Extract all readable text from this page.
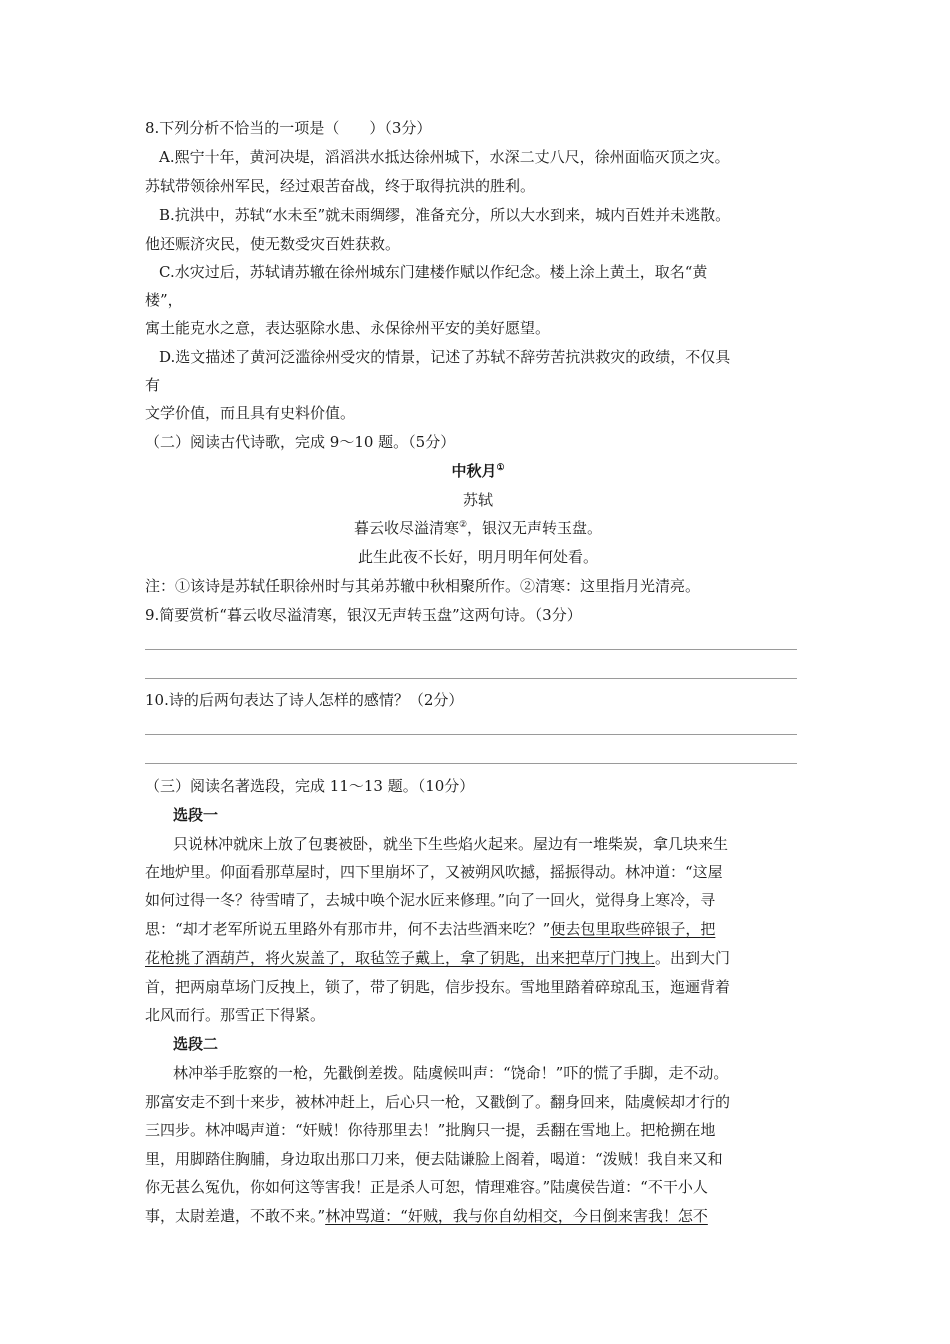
8.下列分析不恰当的一项是（　　）（3分）
A.熙宁十年，黄河决堤，滔滔洪水抵达徐州城下，水深二丈八尺，徐州面临灭顶之灾。
苏轼带领徐州军民，经过艰苦奋战，终于取得抗洪的胜利。
B.抗洪中，苏轼“水未至”就未雨绸缪，准备充分，所以大水到来，城内百姓并未逃散。
他还赈济灾民，使无数受灾百姓获救。
C.水灾过后，苏轼请苏辙在徐州城东门建楼作赋以作纪念。楼上涂上黄土，取名“黄
楼”，
寓土能克水之意，表达驱除水患、永保徐州平安的美好愿望。
D.选文描述了黄河泛滥徐州受灾的情景，记述了苏轼不辞劳苦抗洪救灾的政绩，不仅具
有
文学价值，而且具有史料价值。
（二）阅读古代诗歌，完成 9～10 题。（5分）
中秋月①
苏轼
暮云收尽溢清寒②，银汉无声转玉盘。
此生此夜不长好，明月明年何处看。
注：①该诗是苏轼任职徐州时与其弟苏辙中秋相聚所作。②清寒：这里指月光清亮。
9.简要赏析“暮云收尽溢清寒，银汉无声转玉盘”这两句诗。（3分）
10.诗的后两句表达了诗人怎样的感情？（2分）
（三）阅读名著选段，完成 11～13 题。（10分）
选段一
只说林冲就床上放了包裹被卧，就坐下生些焰火起来。屋边有一堆柴炭，拿几块来生
在地炉里。仰面看那草屋时，四下里崩坏了，又被朔风吹撼，摇振得动。林冲道：“这屋
如何过得一冬？待雪晴了，去城中唤个泥水匠来修理。”向了一回火，觉得身上寒冷，寻
思：“却才老军所说五里路外有那市井，何不去沽些酒来吃？”便去包里取些碎银子，把
花枪挑了酒葫芦，将火炭盖了，取毡笠子戴上，拿了钥匙，出来把草厅门拽上。出到大门
首，把两扇草场门反拽上，锁了，带了钥匙，信步投东。雪地里踏着碎琼乱玉，迤逦背着
北风而行。那雪正下得紧。
选段二
林冲举手肐察的一枪，先戳倒差拨。陆虞候叫声：“饶命！”吓的慌了手脚，走不动。
那富安走不到十来步，被林冲赶上，后心只一枪，又戳倒了。翻身回来，陆虞候却才行的
三四步。林冲喝声道：“奸贼！你待那里去！”批胸只一提，丢翻在雪地上。把枪搠在地
里，用脚踏住胸脯，身边取出那口刀来，便去陆谦脸上阁着，喝道：“泼贼！我自来又和
你无甚么冤仇，你如何这等害我！正是杀人可恕，情理难容。”陆虞侯告道：“不干小人
事，太尉差遣，不敢不来。”林冲骂道：“奸贼，我与你自幼相交，今日倒来害我！怎不
